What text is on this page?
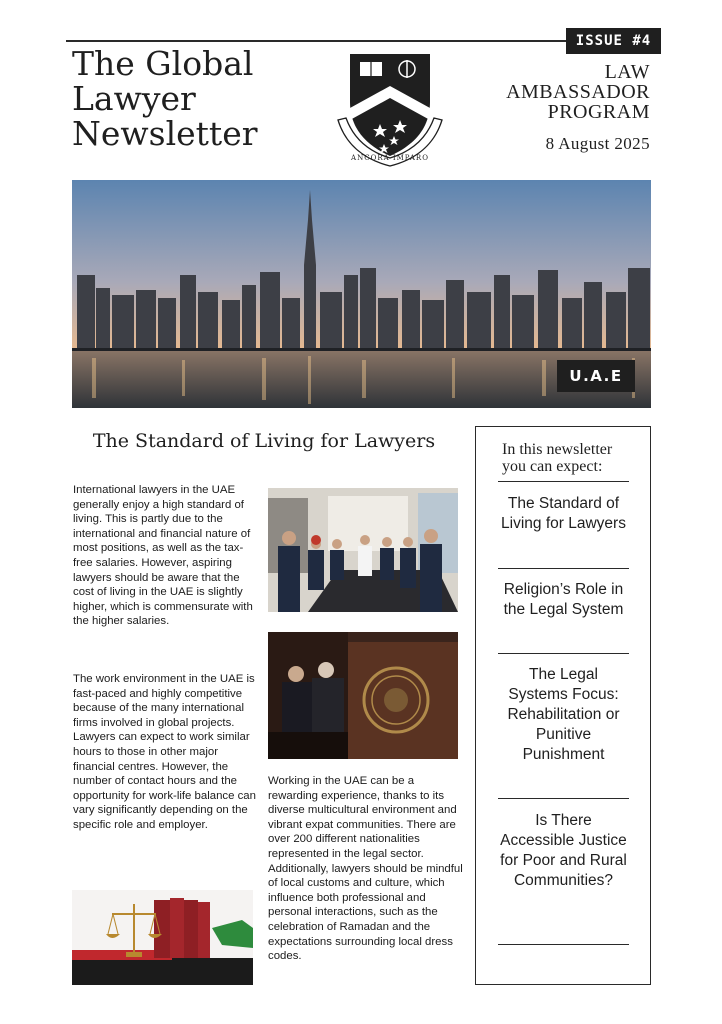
ISSUE #4
The Global
Lawyer
Newsletter
ANCORA IMPARO
LAW
AMBASSADOR
PROGRAM
8 August 2025
U.A.E
The Standard of Living for Lawyers

International lawyers in the UAE generally enjoy a high standard of living. This is partly due to the international and financial nature of most positions, as well as the tax-free salaries. However, aspiring lawyers should be aware that the cost of living in the UAE is slightly higher, which is commensurate with the higher salaries.

The work environment in the UAE is fast-paced and highly competitive because of the many international firms involved in global projects. Lawyers can expect to work similar hours to those in other major financial centres. However, the number of contact hours and the opportunity for work-life balance can vary significantly depending on the specific role and employer.

Working in the UAE can be a rewarding experience, thanks to its diverse multicultural environment and vibrant expat communities. There are over 200 different nationalities represented in the legal sector. Additionally, lawyers should be mindful of local customs and culture, which influence both professional and personal interactions, such as the celebration of Ramadan and the expectations surrounding local dress codes.

In this newsletter
you can expect:
The Standard of Living for Lawyers
Religion’s Role in the Legal System
The Legal Systems Focus: Rehabilitation or Punitive Punishment
Is There Accessible Justice for Poor and Rural Communities?
